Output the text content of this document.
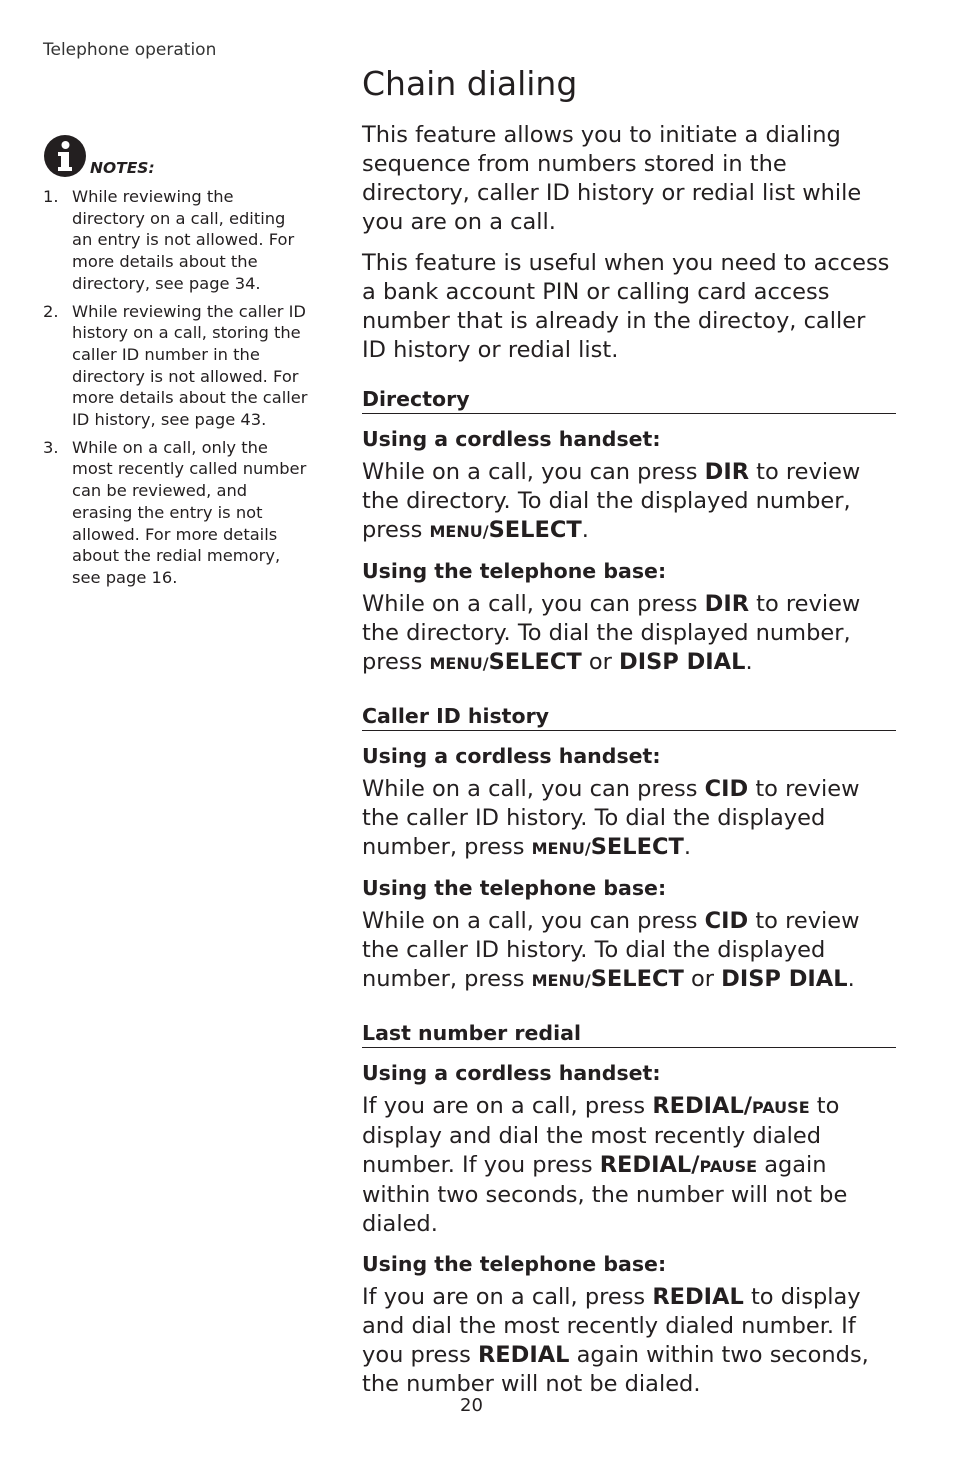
Telephone operation
Chain dialing
NOTES:
1. While reviewing the directory on a call, editing an entry is not allowed. For more details about the directory, see page 34.
2. While reviewing the caller ID history on a call, storing the caller ID number in the directory is not allowed. For more details about the caller ID history, see page 43.
3. While on a call, only the most recently called number can be reviewed, and erasing the entry is not allowed. For more details about the redial memory, see page 16.

This feature allows you to initiate a dialing sequence from numbers stored in the directory, caller ID history or redial list while you are on a call.

This feature is useful when you need to access a bank account PIN or calling card access number that is already in the directoy, caller ID history or redial list.

Directory
Using a cordless handset:

While on a call, you can press DIR to review the directory. To dial the displayed number, press MENU/SELECT.

Using the telephone base:

While on a call, you can press DIR to review the directory. To dial the displayed number, press MENU/SELECT or DISP DIAL.

Caller ID history
Using a cordless handset:

While on a call, you can press CID to review the caller ID history. To dial the displayed number, press MENU/SELECT.

Using the telephone base:

While on a call, you can press CID to review the caller ID history. To dial the displayed number, press MENU/SELECT or DISP DIAL.

Last number redial
Using a cordless handset:

If you are on a call, press REDIAL/PAUSE to display and dial the most recently dialed number. If you press REDIAL/PAUSE again within two seconds, the number will not be dialed.

Using the telephone base:

If you are on a call, press REDIAL to display and dial the most recently dialed number. If you press REDIAL again within two seconds, the number will not be dialed.

20
